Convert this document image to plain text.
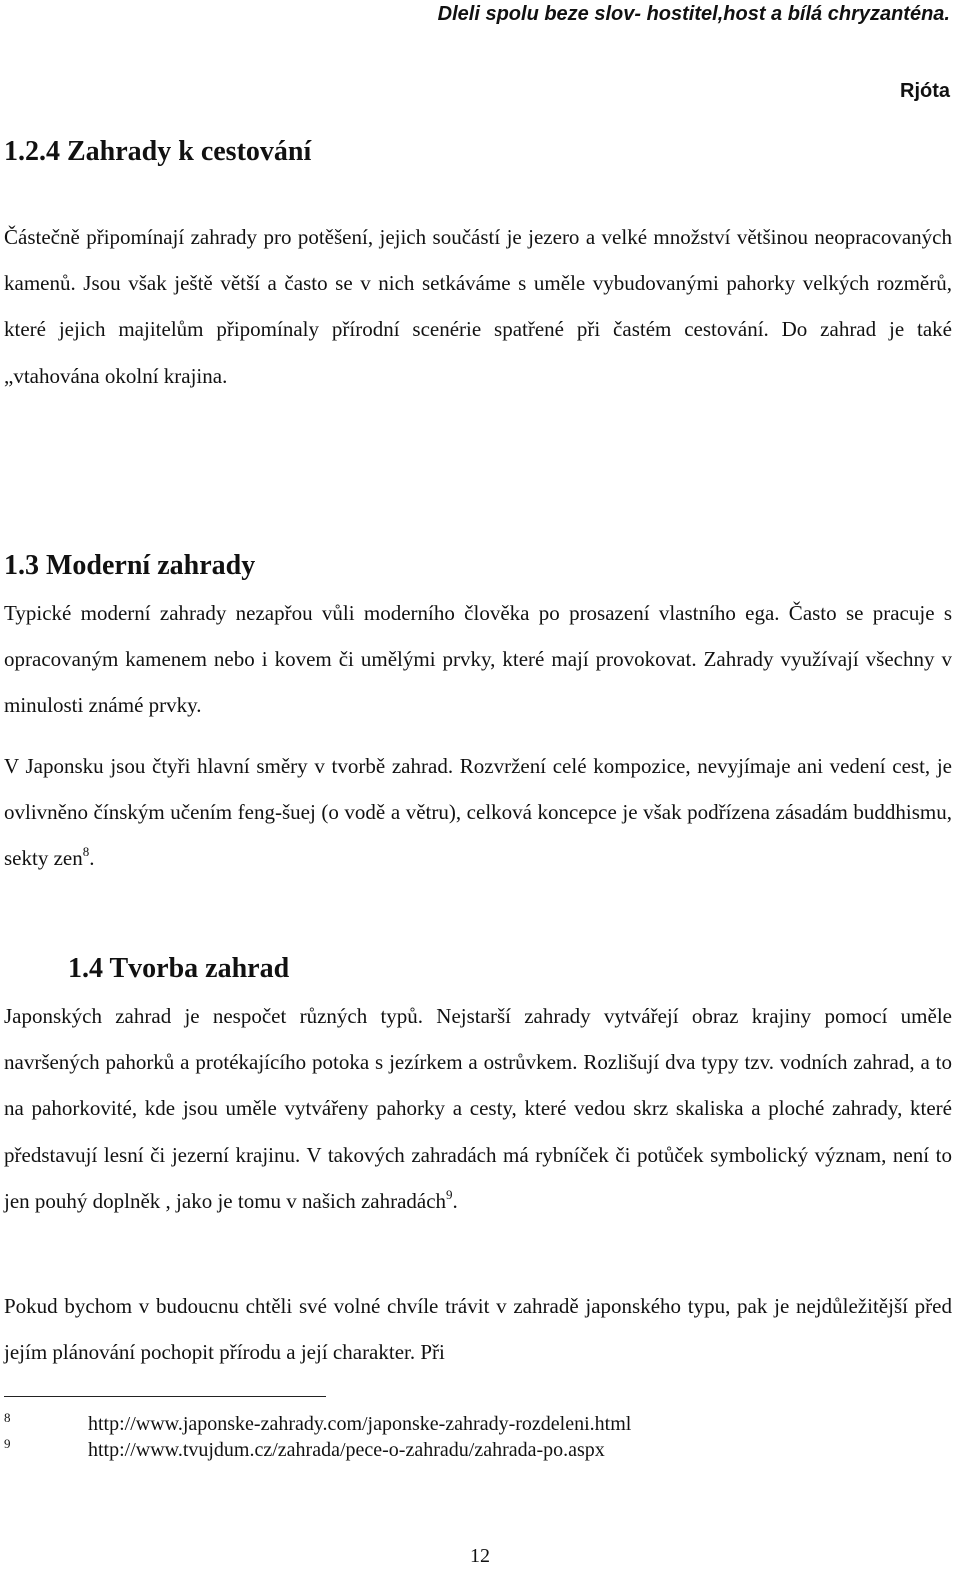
Dleli spolu beze slov- hostitel,host a bílá chryzanténa.
Rjóta
1.2.4 Zahrady k cestování

Částečně připomínají zahrady pro potěšení, jejich součástí je jezero a velké množství většinou neopracovaných kamenů. Jsou však ještě větší a často se v nich setkáváme s uměle vybudovanými pahorky velkých rozměrů, které jejich majitelům připomínaly přírodní scenérie spatřené při častém cestování. Do zahrad je také „vtahována okolní krajina.

1.3 Moderní zahrady

Typické moderní zahrady nezapřou vůli moderního člověka po prosazení vlastního ega. Často se pracuje s opracovaným kamenem nebo i kovem či umělými prvky, které mají provokovat. Zahrady využívají všechny v minulosti známé prvky.

V Japonsku jsou čtyři hlavní směry v tvorbě zahrad. Rozvržení celé kompozice, nevyjímaje ani vedení cest, je ovlivněno čínským učením feng-šuej (o vodě a větru), celková koncepce je však podřízena zásadám buddhismu, sekty zen$^8$.

1.4 Tvorba zahrad

Japonských zahrad je nespočet různých typů. Nejstarší zahrady vytvářejí obraz krajiny pomocí uměle navršených pahorků a protékajícího potoka s jezírkem a ostrůvkem. Rozlišují dva typy tzv. vodních zahrad, a to na pahorkovité, kde jsou uměle vytvářeny pahorky a cesty, které vedou skrz skaliska a ploché zahrady, které představují lesní či jezerní krajinu. V takových zahradách má rybníček či potůček symbolický význam, není to jen pouhý doplněk , jako je tomu v našich zahradách$^9$.

Pokud bychom v budoucnu chtěli své volné chvíle trávit v zahradě japonského typu, pak je nejdůležitější před jejím plánování pochopit přírodu a její charakter. Při

8	http://www.japonske-zahrady.com/japonske-zahrady-rozdeleni.html
9	http://www.tvujdum.cz/zahrada/pece-o-zahradu/zahrada-po.aspx
12
